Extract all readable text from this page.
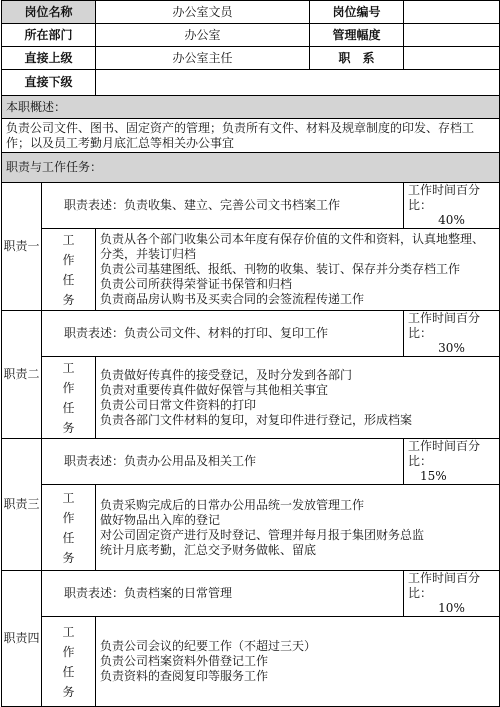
岗位名称		办公室文员	岗位编号	
所在部门		办公室	管理幅度	
直接上级		办公室主任	职　系	
直接下级				
本职概述：				
负责公司文件、图书、固定资产的管理；负责所有文件、材料及规章制度的印发、存档工作；以及员工考勤月底汇总等相关办公事宜				
职责与工作任务：				
职责一	职责表述：负责收集、建立、完善公司文书档案工作			工作时间百分比：
40%

	工
作
任
务	负责从各个部门收集公司本年度有保存价值的文件和资料，认真地整理、分类，并装订归档
负责公司基建图纸、报纸、刊物的收集、装订、保存并分类存档工作
负责公司所获得荣誉证书保管和归档
负责商品房认购书及买卖合同的会签流程传递工作		

职责二	职责表述：负责公司文件、材料的打印、复印工作			工作时间百分比：
30%

	工
作
任
务	负责做好传真件的接受登记，及时分发到各部门
负责对重要传真件做好保管与其他相关事宜
负责公司日常文件资料的打印
负责各部门文件材料的复印，对复印件进行登记，形成档案		

职责三	职责表述：负责办公用品及相关工作			工作时间百分比：
15%

	工
作
任
务	负责采购完成后的日常办公用品统一发放管理工作
做好物品出入库的登记
对公司固定资产进行及时登记、管理并每月报于集团财务总监
统计月底考勤，汇总交予财务做帐、留底		

职责四	职责表述：负责档案的日常管理			工作时间百分比：
10%

	工
作
任
务	负责公司会议的纪要工作（不超过三天）
负责公司档案资料外借登记工作
负责资料的查阅复印等服务工作		
